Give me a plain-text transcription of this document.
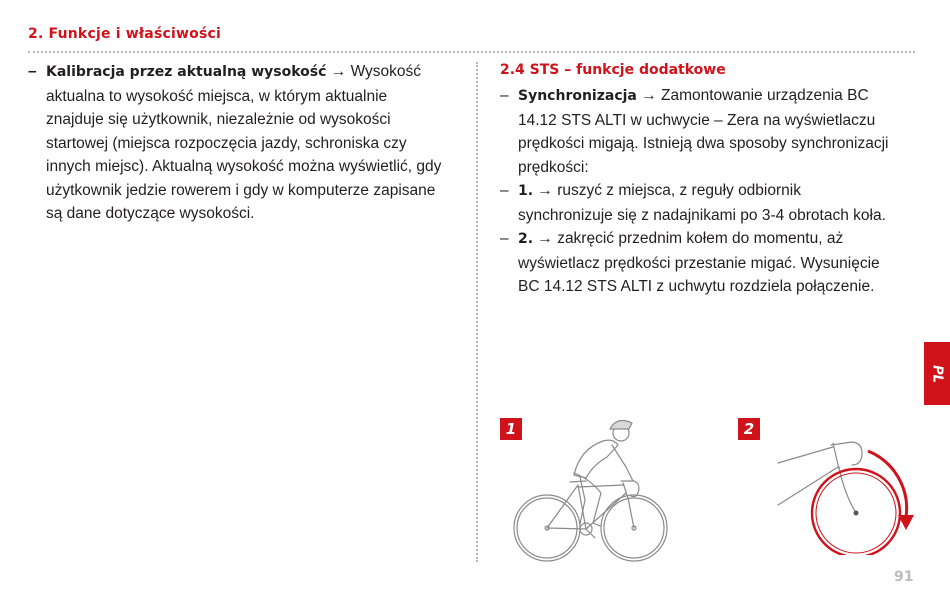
2. Funkcje i właściwości
– Kalibracja przez aktualną wysokość → Wysokość aktualna to wysokość miejsca, w którym aktualnie znajduje się użytkownik, niezależnie od wysokości startowej (miejsca rozpoczęcia jazdy, schroniska czy innych miejsc). Aktualną wysokość można wyświetlić, gdy użytkownik jedzie rowerem i gdy w komputerze zapisane są dane dotyczące wysokości.

2.4 STS – funkcje dodatkowe
– Synchronizacja → Zamontowanie urządzenia BC 14.12 STS ALTI w uchwycie – Zera na wyświetlaczu prędkości migają. Istnieją dwa sposoby synchronizacji prędkości:

– 1. → ruszyć z miejsca, z reguły odbiornik synchronizuje się z nadajnikami po 3-4 obrotach koła.

– 2. → zakręcić przednim kołem do momentu, aż wyświetlacz prędkości przestanie migać. Wysunięcie BC 14.12 STS ALTI z uchwytu rozdziela połączenie.

1	2
PL
91
